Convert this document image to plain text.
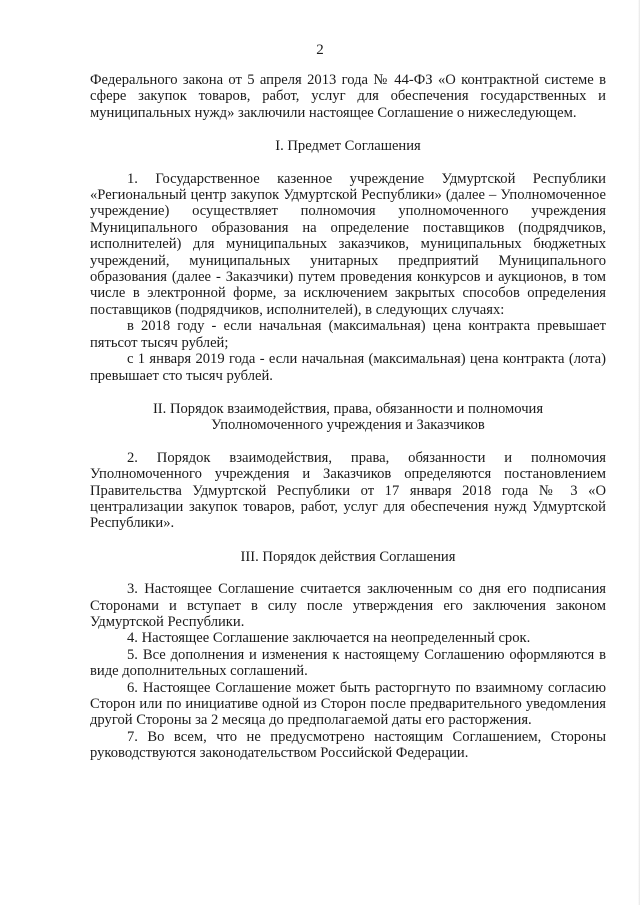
2

Федерального закона от 5 апреля 2013 года № 44-ФЗ «О контрактной системе в сфере закупок товаров, работ, услуг для обеспечения государственных и муниципальных нужд» заключили настоящее Соглашение о нижеследующем.

I. Предмет Соглашения

1. Государственное казенное учреждение Удмуртской Республики «Региональный центр закупок Удмуртской Республики» (далее – Уполномоченное учреждение) осуществляет полномочия уполномоченного учреждения Муниципального образования на определение поставщиков (подрядчиков, исполнителей) для муниципальных заказчиков, муниципальных бюджетных учреждений, муниципальных унитарных предприятий Муниципального образования (далее - Заказчики) путем проведения конкурсов и аукционов, в том числе в электронной форме, за исключением закрытых способов определения поставщиков (подрядчиков, исполнителей), в следующих случаях:

в 2018 году - если начальная (максимальная) цена контракта превышает пятьсот тысяч рублей;

с 1 января 2019 года - если начальная (максимальная) цена контракта (лота) превышает сто тысяч рублей.

II. Порядок взаимодействия, права, обязанности и полномочия

Уполномоченного учреждения и Заказчиков

2. Порядок взаимодействия, права, обязанности и полномочия Уполномоченного учреждения и Заказчиков определяются постановлением Правительства Удмуртской Республики от 17 января 2018 года № 3 «О централизации закупок товаров, работ, услуг для обеспечения нужд Удмуртской Республики».

III. Порядок действия Соглашения

3. Настоящее Соглашение считается заключенным со дня его подписания Сторонами и вступает в силу после утверждения его заключения законом Удмуртской Республики.

4. Настоящее Соглашение заключается на неопределенный срок.

5. Все дополнения и изменения к настоящему Соглашению оформляются в виде дополнительных соглашений.

6. Настоящее Соглашение может быть расторгнуто по взаимному согласию Сторон или по инициативе одной из Сторон после предварительного уведомления другой Стороны за 2 месяца до предполагаемой даты его расторжения.

7. Во всем, что не предусмотрено настоящим Соглашением, Стороны руководствуются законодательством Российской Федерации.
